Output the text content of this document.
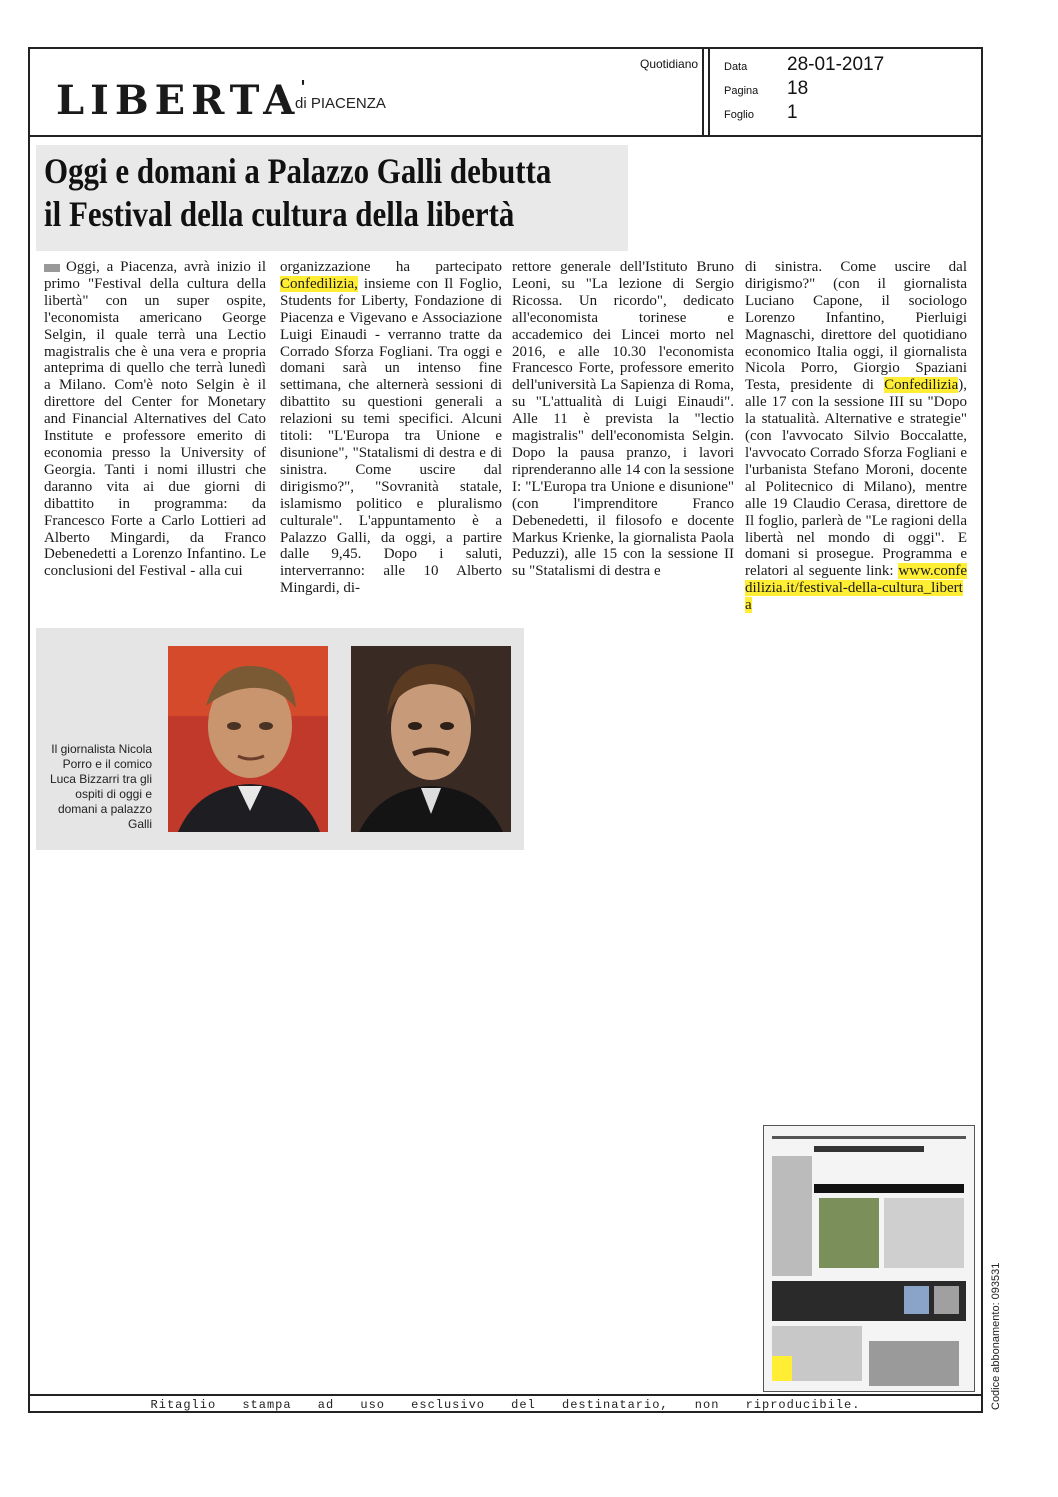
LIBERTA'
di PIACENZA
Quotidiano Data 28-01-2017
Pagina 18
Foglio 1
Oggi e domani a Palazzo Galli debutta
il Festival della cultura della libertà

Oggi, a Piacenza, avrà inizio il primo "Festival della cultura della libertà" con un super ospite, l'economista americano George Selgin, il quale terrà una Lectio magistralis che è una vera e propria anteprima di quello che terrà lunedì a Milano. Com'è noto Selgin è il direttore del Center for Monetary and Financial Alternatives del Cato Institute e professore emerito di economia presso la University of Georgia. Tanti i nomi illustri che daranno vita ai due giorni di dibattito in programma: da Francesco Forte a Carlo Lottieri ad Alberto Mingardi, da Franco Debenedetti a Lorenzo Infantino. Le conclusioni del Festival - alla cui

organizzazione ha partecipato Confedilizia, insieme con Il Foglio, Students for Liberty, Fondazione di Piacenza e Vigevano e Associazione Luigi Einaudi - verranno tratte da Corrado Sforza Fogliani. Tra oggi e domani sarà un intenso fine settimana, che alternerà sessioni di dibattito su questioni generali a relazioni su temi specifici. Alcuni titoli: "L'Europa tra Unione e disunione", "Statalismi di destra e di sinistra. Come uscire dal dirigismo?", "Sovranità statale, islamismo politico e pluralismo culturale". L'appuntamento è a Palazzo Galli, da oggi, a partire dalle 9,45. Dopo i saluti, interverranno: alle 10 Alberto Mingardi, di-

rettore generale dell'Istituto Bruno Leoni, su "La lezione di Sergio Ricossa. Un ricordo", dedicato all'economista torinese e accademico dei Lincei morto nel 2016, e alle 10.30 l'economista Francesco Forte, professore emerito dell'università La Sapienza di Roma, su "L'attualità di Luigi Einaudi". Alle 11 è prevista la "lectio magistralis" dell'economista Selgin. Dopo la pausa pranzo, i lavori riprenderanno alle 14 con la sessione I: "L'Europa tra Unione e disunione" (con l'imprenditore Franco Debenedetti, il filosofo e docente Markus Krienke, la giornalista Paola Peduzzi), alle 15 con la sessione II su "Statalismi di destra e

di sinistra. Come uscire dal dirigismo?" (con il giornalista Luciano Capone, il sociologo Lorenzo Infantino, Pierluigi Magnaschi, direttore del quotidiano economico Italia oggi, il giornalista Nicola Porro, Giorgio Spaziani Testa, presidente di Confedilizia), alle 17 con la sessione III su "Dopo la statualità. Alternative e strategie" (con l'avvocato Silvio Boccalatte, l'avvocato Corrado Sforza Fogliani e l'urbanista Stefano Moroni, docente al Politecnico di Milano), mentre alle 19 Claudio Cerasa, direttore de Il foglio, parlerà de "Le ragioni della libertà nel mondo di oggi". E domani si prosegue. Programma e relatori al seguente link: www.confedilizia.it/festival-della-cultura_liberta

Il giornalista Nicola Porro e il comico Luca Bizzarri tra gli ospiti di oggi e domani a palazzo Galli
Ritaglio stampa ad uso esclusivo del destinatario, non riproducibile.	Codice abbonamento: 093531
